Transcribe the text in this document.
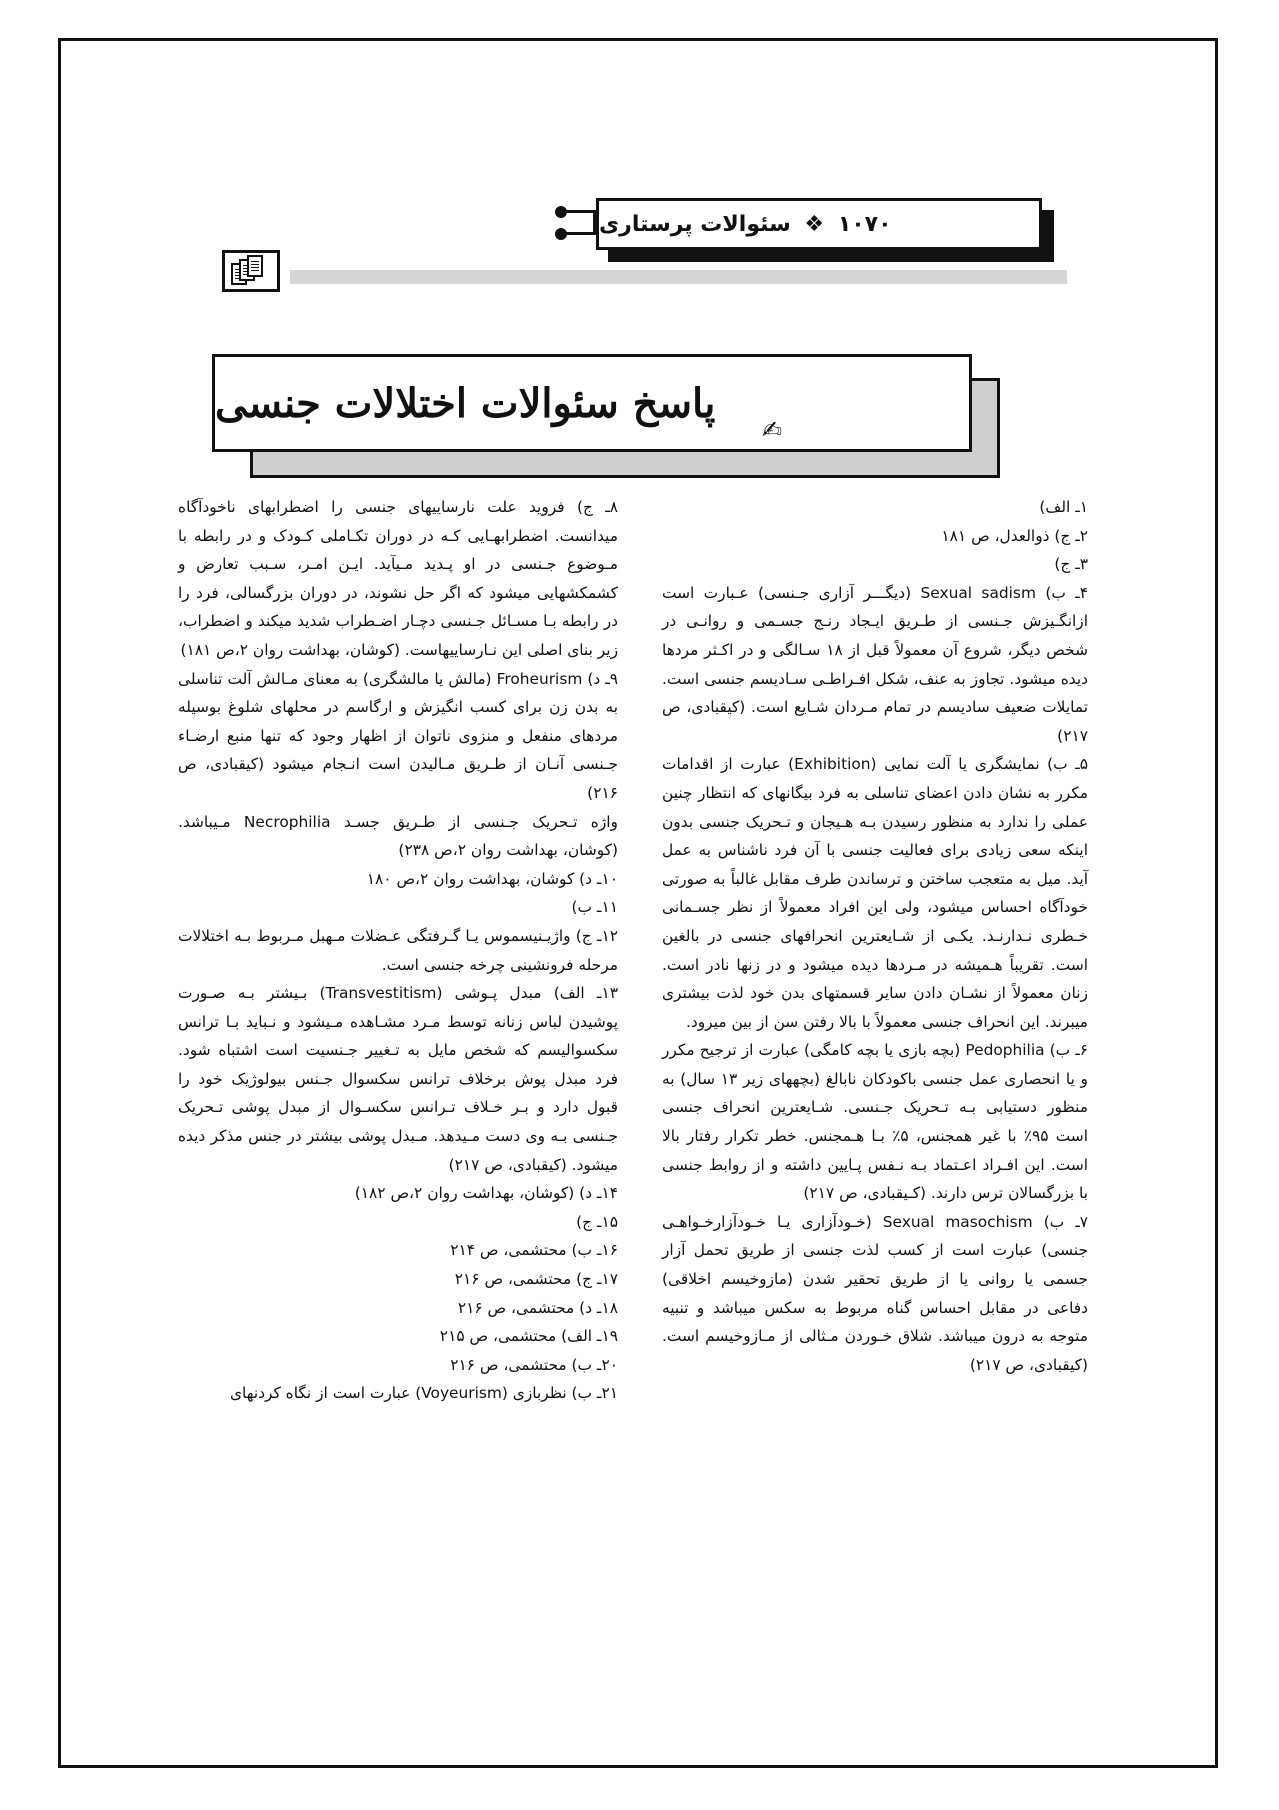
۱۰۷۰ ❖ سئوالات پرستاری
پاسخ سئوالات اختلالات جنسی
✍

۱ـ الف)

۲ـ ج) ذوالعدل، ص ۱۸۱

۳ـ ج)

۴ـ ب) Sexual sadism (دیگـــر آزاری جـنسی) عـبارت است ازانگـیزش جـنسی از طـریق ایـجاد رنـج جسـمی و روانـی در شخص دیگر، شروع آن معمولاً قبل از ۱۸ سـالگی و در اکـثر مردها دیده میشود. تجاوز به عنف، شکل افـراطـی سـادیسم جنسی است. تمایلات ضعیف سادیسم در تمام مـردان شـایع است. (کیقبادی، ص ۲۱۷)

۵ـ ب) نمایشگری یا آلت نمایی (Exhibition) عبارت از اقدامات مکرر به نشان دادن اعضای تناسلی به فرد بیگانهای که انتظار چنین عملی را ندارد به منظور رسیدن بـه هـیجان و تـحریک جنسی بدون اینکه سعی زیادی برای فعالیت جنسی با آن فرد ناشناس به عمل آید. میل به متعجب ساختن و ترساندن طرف مقابل غالباً به صورتی خودآگاه احساس میشود، ولی این افراد معمولاً از نظر جسـمانی خـطری نـدارنـد. یکـی از شـایعترین انحرافهای جنسی در بالغین است. تقریباً هـمیشه در مـردها دیده میشود و در زنها نادر است. زنان معمولاً از نشـان دادن سایر قسمتهای بدن خود لذت بیشتری میبرند. این انحراف جنسی معمولاً با بالا رفتن سن از بین میرود.

۶ـ ب) Pedophilia (بچه بازی یا بچه کامگی) عبارت از ترجیح مکرر و یا انحصاری عمل جنسی باکودکان نابالغ (بچههای زیر ۱۳ سال) به منظور دستیابی بـه تـحریک جـنسی. شـایعترین انحراف جنسی است ۹۵٪ با غیر همجنس، ۵٪ بـا هـمجنس. خطر تکرار رفتار بالا است. این افـراد اعـتماد بـه نـفس پـایین داشته و از روابط جنسی با بزرگسالان ترس دارند. (کـیقبادی، ص ۲۱۷)

۷ـ ب) Sexual masochism (خـودآزاری یـا خـودآزارخـواهـی جنسی) عبارت است از کسب لذت جنسی از طریق تحمل آزار جسمی یا روانی یا از طریق تحقیر شدن (مازوخیسم اخلاقی) دفاعی در مقابل احساس گناه مربوط به سکس میباشد و تنبیه متوجه به درون میباشد. شلاق خـوردن مـثالی از مـازوخیسم است. (کیقبادی، ص ۲۱۷)

۸ـ ج) فروید علت نارساییهای جنسی را اضطرابهای ناخودآگاه میدانست. اضطرابهـایی کـه در دوران تکـاملی کـودک و در رابطه با مـوضوع جـنسی در او پـدید مـیآید. ایـن امـر، سـبب تعارض و کشمکشهایی میشود که اگر حل نشوند، در دوران بزرگسالی، فرد را در رابطه بـا مسـائل جـنسی دچـار اضـطراب شدید میکند و اضطراب، زیر بنای اصلی این نـارساییهاست. (کوشان، بهداشت روان ۲،ص ۱۸۱)

۹ـ د) Froheurism (مالش یا مالشگری) به معنای مـالش آلت تناسلی به بدن زن برای کسب انگیزش و ارگاسم در محلهای شلوغ بوسیله مردهای منفعل و منزوی ناتوان از اظهار وجود که تنها منبع ارضـاء جـنسی آنـان از طـریق مـالیدن است انـجام میشود (کیقبادی، ص ۲۱۶)

واژه تـحریک جـنسی از طـریق جسـد Necrophilia مـیباشد. (کوشان، بهداشت روان ۲،ص ۲۳۸)

۱۰ـ د) کوشان، بهداشت روان ۲،ص ۱۸۰

۱۱ـ ب)

۱۲ـ ج) واژیـنیسموس یـا گـرفتگی عـضلات مـهبل مـربوط بـه اختلالات مرحله فرونشینی چرخه جنسی است.

۱۳ـ الف) مبدل پـوشی (Transvestitism) بـیشتر بـه صـورت پوشیدن لباس زنانه توسط مـرد مشـاهده مـیشود و نـباید بـا ترانس سکسوالیسم که شخص مایل به تـغییر جـنسیت است اشتباه شود. فرد مبدل پوش برخلاف ترانس سکسوال جـنس بیولوژیک خود را قبول دارد و بـر خـلاف تـرانس سکسـوال از مبدل پوشی تـحریک جـنسی بـه وی دست مـیدهد. مـبدل پوشی بیشتر در جنس مذکر دیده میشود. (کیقبادی، ص ۲۱۷)

۱۴ـ د) (کوشان، بهداشت روان ۲،ص ۱۸۲)

۱۵ـ ج)

۱۶ـ ب) محتشمی، ص ۲۱۴

۱۷ـ ج) محتشمی، ص ۲۱۶

۱۸ـ د) محتشمی، ص ۲۱۶

۱۹ـ الف) محتشمی، ص ۲۱۵

۲۰ـ ب) محتشمی، ص ۲۱۶

۲۱ـ ب) نظربازی (Voyeurism) عبارت است از نگاه کردنهای
